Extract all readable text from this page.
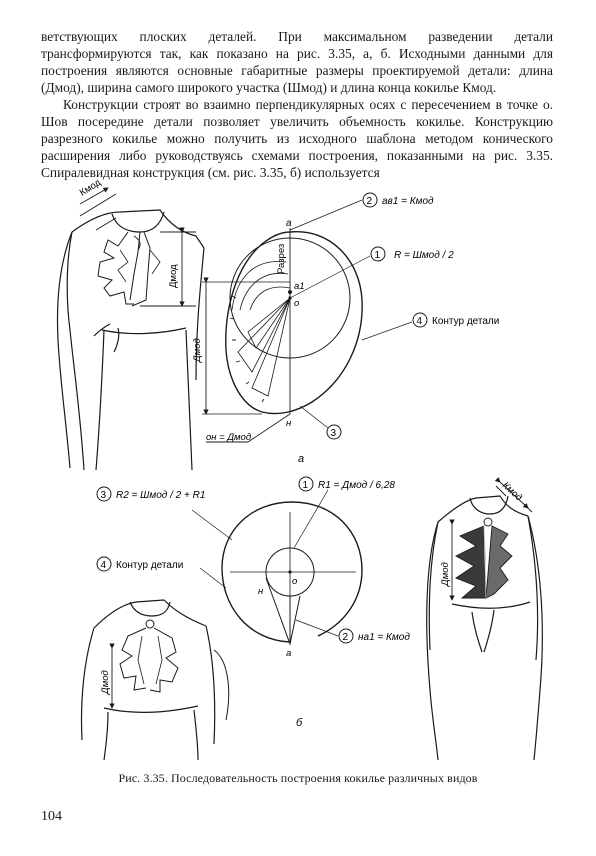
ветствующих плоских деталей. При максимальном разведении детали трансформируются так, как показано на рис. 3.35, а, б. Исходными данными для построения являются основные габаритные размеры проектируемой детали: длина (Дмод), ширина самого широкого участка (Шмод) и длина конца кокилье Кмод.

Конструкции строят во взаимно перпендикулярных осях с пересечением в точке о. Шов посередине детали позволяет увеличить объемность кокилье. Конструкцию разрезного кокилье можно получить из исходного шаблона методом конического расширения либо руководствуясь схемами построения, показанными на рис. 3.35. Спиралевидная конструкция (см. рис. 3.35, б) используется

Кмод
Дмод
а
а1
о
н
Разрез
Дмод
он = Дмод
а
2 ав1 = Кмод
1 R = Шмод / 2
4 Контур детали
3
о
н
а
б
1 R1 = Дмод / 6,28
3 R2 = Шмод / 2 + R1
4 Контур детали
2 на1 = Кмод
Дмод
Кмод
Дмод
Рис. 3.35. Последовательность построения кокилье различных видов
104
